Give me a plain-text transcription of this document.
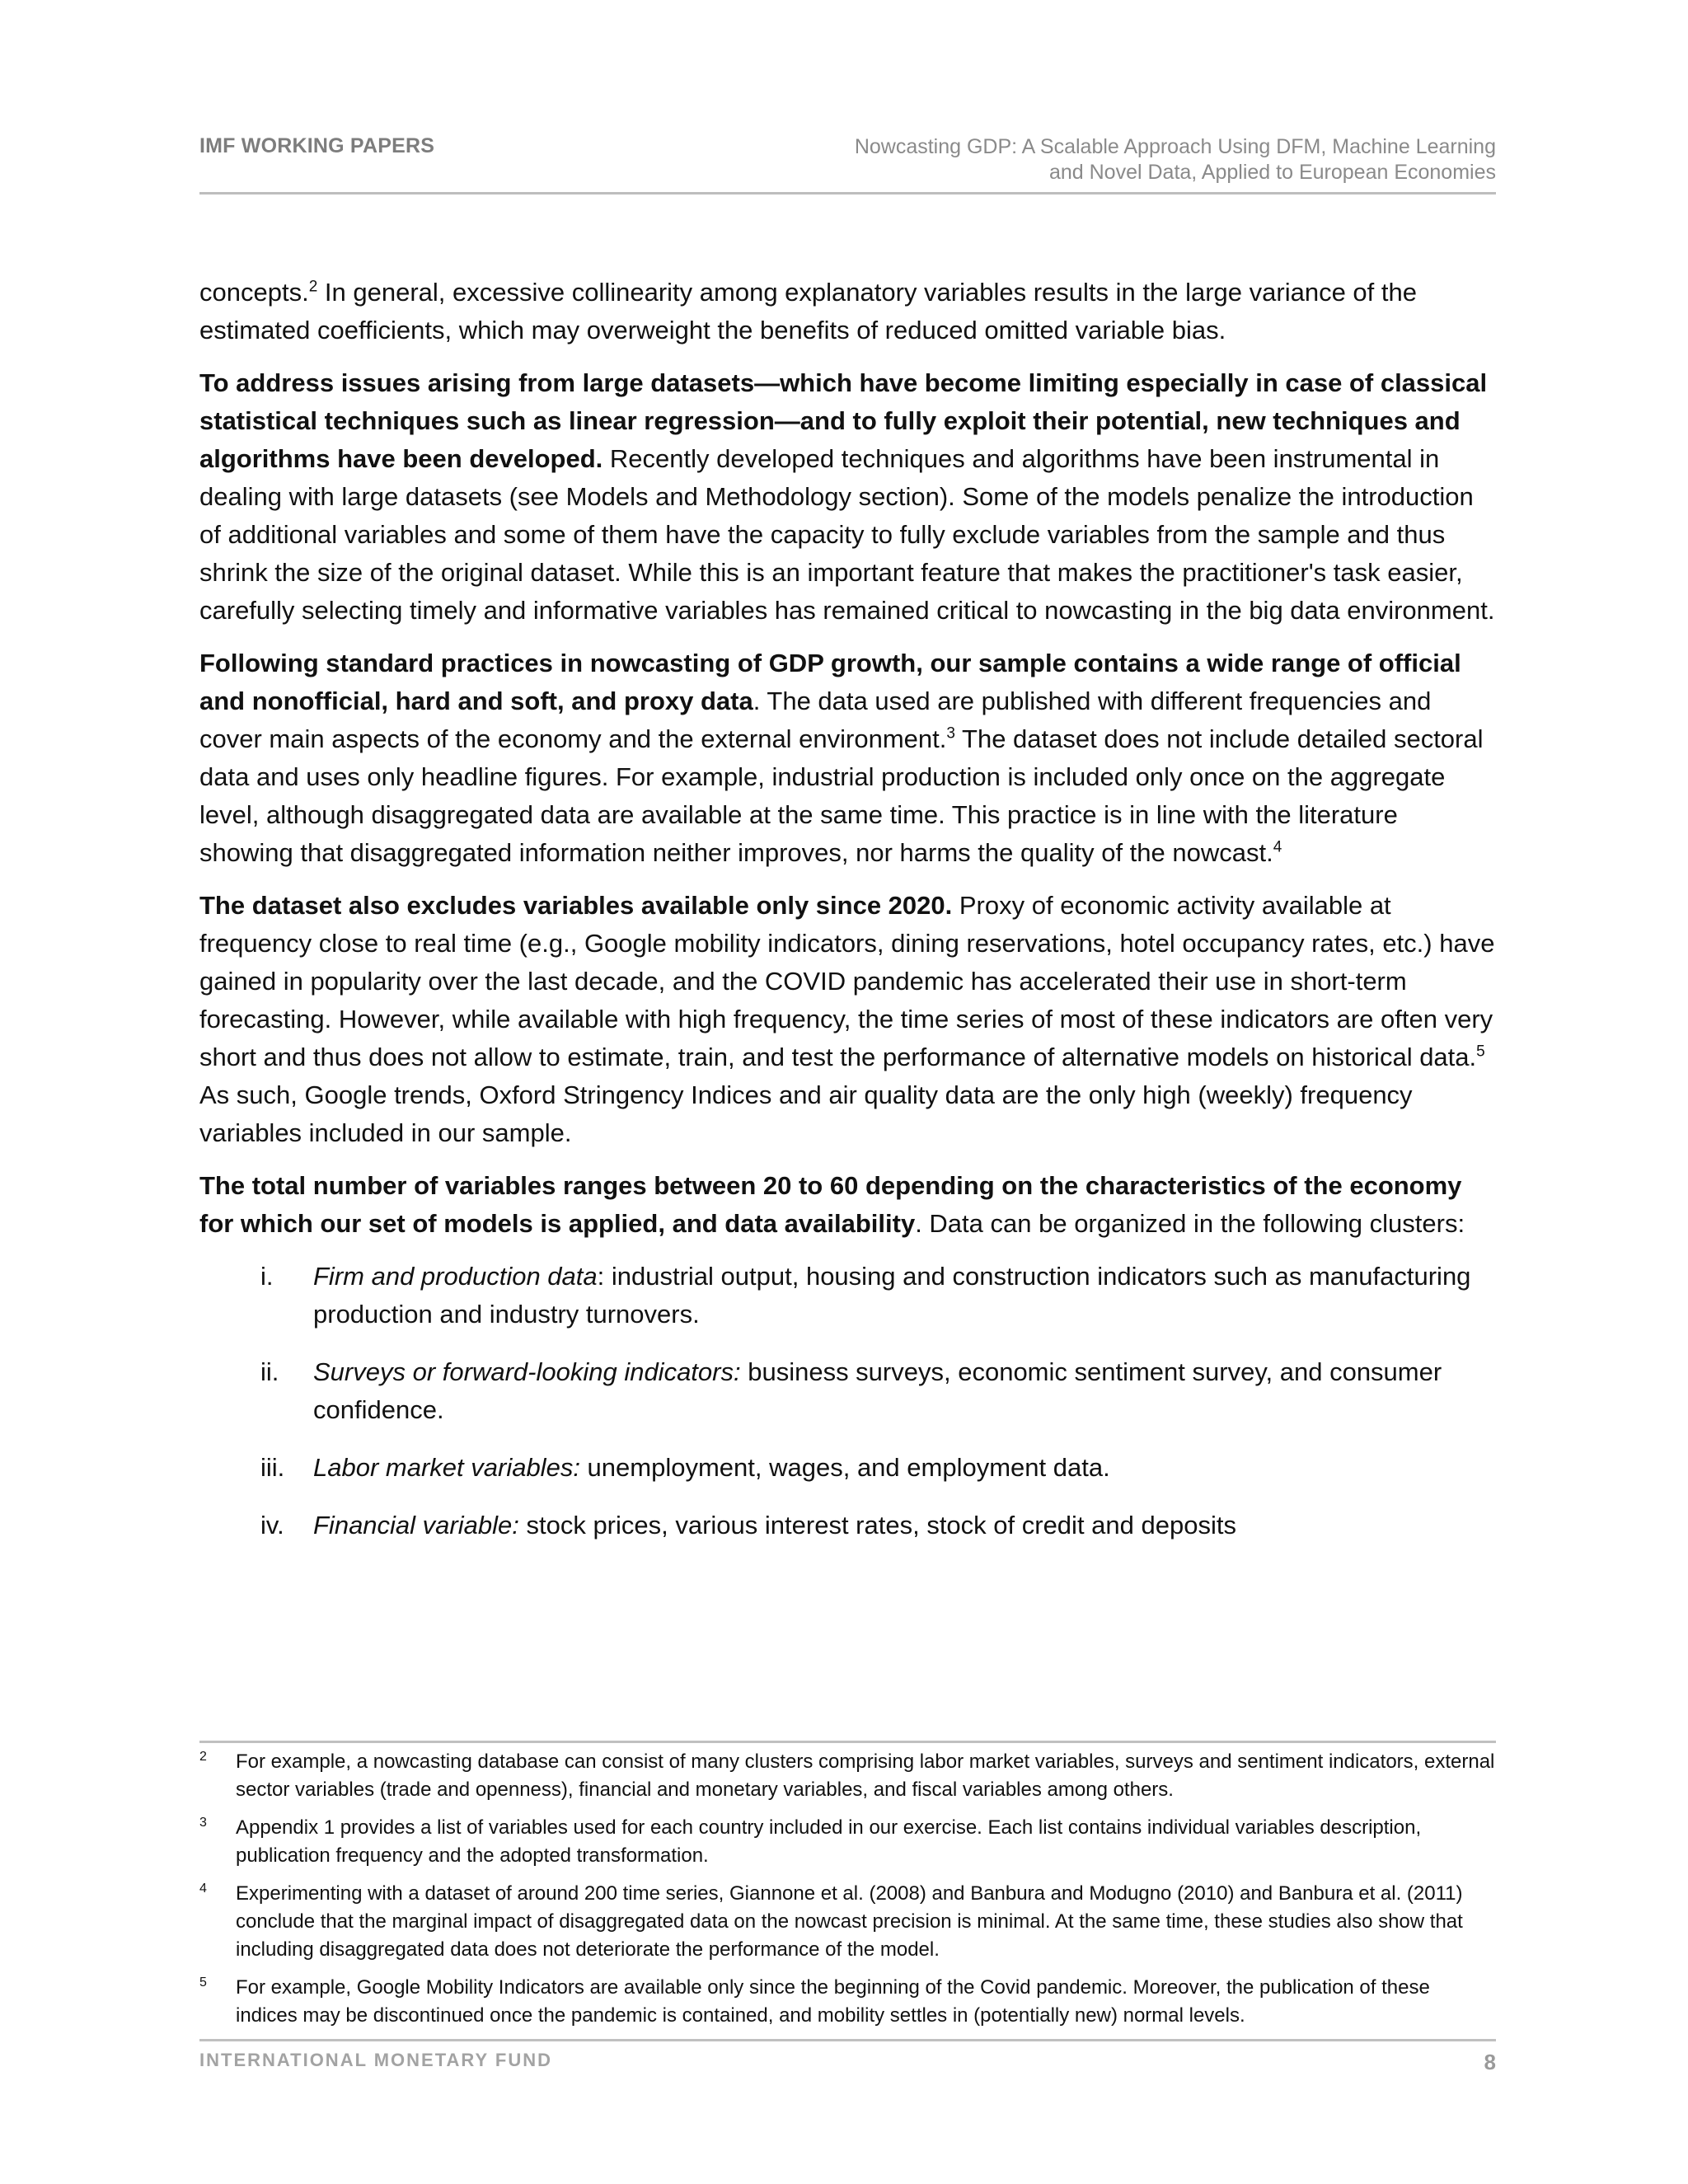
IMF WORKING PAPERS	Nowcasting GDP: A Scalable Approach Using DFM, Machine Learning
and Novel Data, Applied to European Economies

concepts.$^2$ In general, excessive collinearity among explanatory variables results in the large variance of the estimated coefficients, which may overweight the benefits of reduced omitted variable bias.

To address issues arising from large datasets—which have become limiting especially in case of classical statistical techniques such as linear regression—and to fully exploit their potential, new techniques and algorithms have been developed. Recently developed techniques and algorithms have been instrumental in dealing with large datasets (see Models and Methodology section). Some of the models penalize the introduction of additional variables and some of them have the capacity to fully exclude variables from the sample and thus shrink the size of the original dataset. While this is an important feature that makes the practitioner's task easier, carefully selecting timely and informative variables has remained critical to nowcasting in the big data environment.

Following standard practices in nowcasting of GDP growth, our sample contains a wide range of official and nonofficial, hard and soft, and proxy data. The data used are published with different frequencies and cover main aspects of the economy and the external environment.$^3$ The dataset does not include detailed sectoral data and uses only headline figures. For example, industrial production is included only once on the aggregate level, although disaggregated data are available at the same time. This practice is in line with the literature showing that disaggregated information neither improves, nor harms the quality of the nowcast.$^4$

The dataset also excludes variables available only since 2020. Proxy of economic activity available at frequency close to real time (e.g., Google mobility indicators, dining reservations, hotel occupancy rates, etc.) have gained in popularity over the last decade, and the COVID pandemic has accelerated their use in short-term forecasting. However, while available with high frequency, the time series of most of these indicators are often very short and thus does not allow to estimate, train, and test the performance of alternative models on historical data.$^5$ As such, Google trends, Oxford Stringency Indices and air quality data are the only high (weekly) frequency variables included in our sample.

The total number of variables ranges between 20 to 60 depending on the characteristics of the economy for which our set of models is applied, and data availability. Data can be organized in the following clusters:

i.	Firm and production data: industrial output, housing and construction indicators such as manufacturing production and industry turnovers.
ii.	Surveys or forward-looking indicators: business surveys, economic sentiment survey, and consumer confidence.
iii.	Labor market variables: unemployment, wages, and employment data.
iv.	Financial variable: stock prices, various interest rates, stock of credit and deposits
2 For example, a nowcasting database can consist of many clusters comprising labor market variables, surveys and sentiment indicators, external sector variables (trade and openness), financial and monetary variables, and fiscal variables among others.
3 Appendix 1 provides a list of variables used for each country included in our exercise. Each list contains individual variables description, publication frequency and the adopted transformation.
4 Experimenting with a dataset of around 200 time series, Giannone et al. (2008) and Banbura and Modugno (2010) and Banbura et al. (2011) conclude that the marginal impact of disaggregated data on the nowcast precision is minimal. At the same time, these studies also show that including disaggregated data does not deteriorate the performance of the model.
5 For example, Google Mobility Indicators are available only since the beginning of the Covid pandemic. Moreover, the publication of these indices may be discontinued once the pandemic is contained, and mobility settles in (potentially new) normal levels.
INTERNATIONAL MONETARY FUND	8
